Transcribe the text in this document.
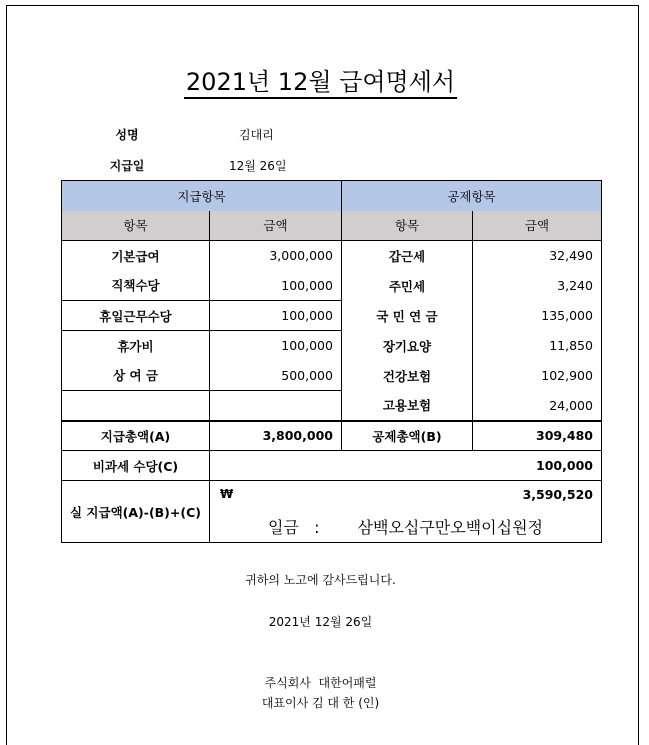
2021년 12월 급여명세서
성명	김대리
지급일	12월 26일
지급항목		공제항목	
항목	금액	항목	금액
기본급여	3,000,000	갑근세	32,490
직책수당	100,000	주민세	3,240
휴일근무수당	100,000	국 민 연 금	135,000
휴가비	100,000	장기요양	11,850
상 여 금	500,000	건강보험	102,900
		고용보험	24,000
지급총액(A)	3,800,000	공제총액(B)	309,480
비과세 수당(C)	100,000		
실 지급액(A)-(B)+(C)	₩ 3,590,520		

	일금   : 삼백오십구만오백이십원정		
귀하의 노고에 감사드립니다.
2021년 12월 26일
주식회사  대한어패럴
대표이사 김 대 한 (인)
